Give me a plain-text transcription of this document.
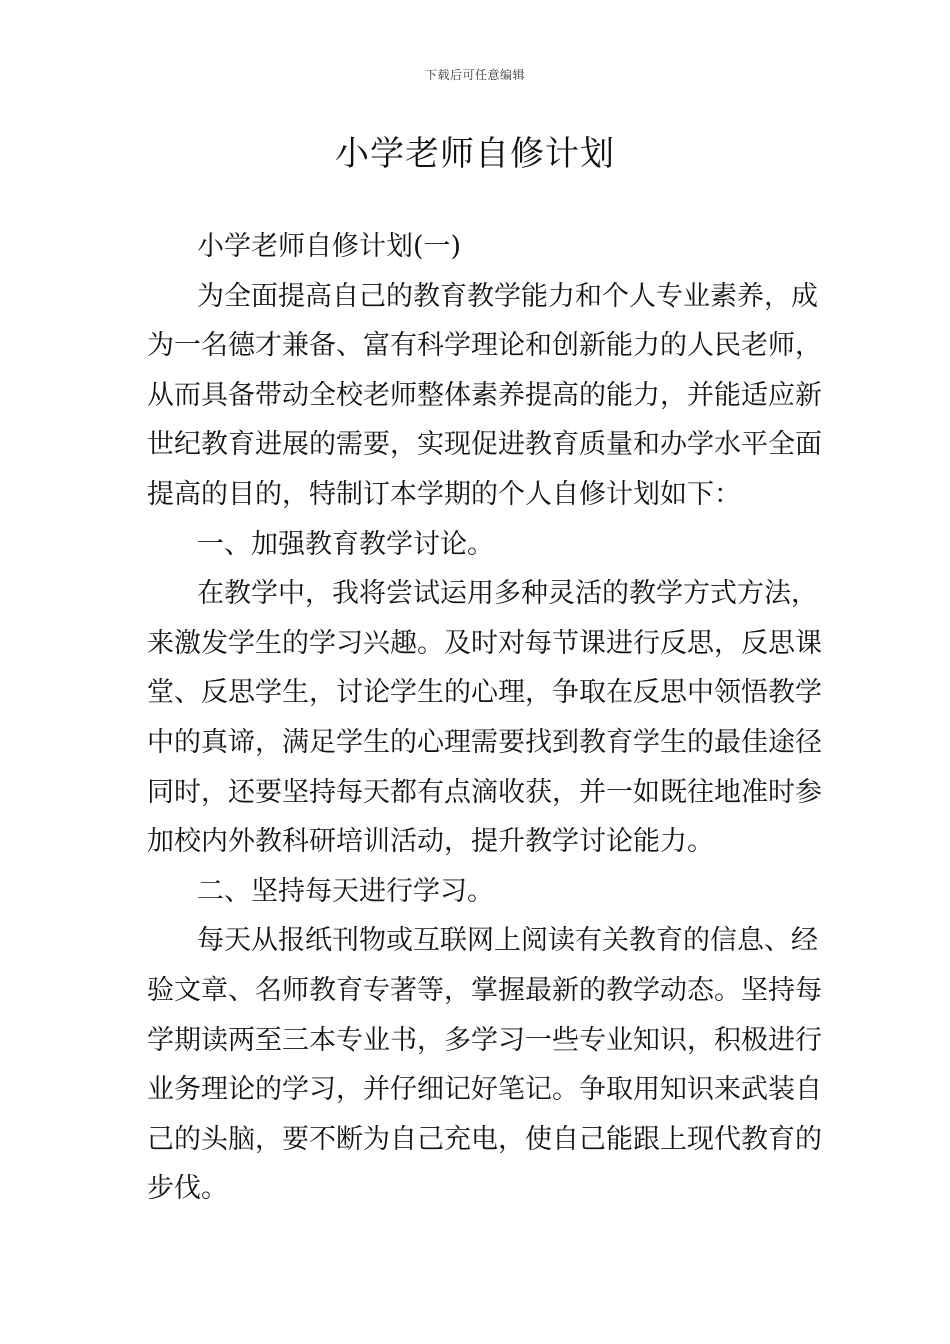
下载后可任意编辑
小学老师自修计划
小学老师自修计划(一)
为全面提高自己的教育教学能力和个人专业素养，成
为一名德才兼备、富有科学理论和创新能力的人民老师，
从而具备带动全校老师整体素养提高的能力，并能适应新
世纪教育进展的需要，实现促进教育质量和办学水平全面
提高的目的，特制订本学期的个人自修计划如下：
一、加强教育教学讨论。
在教学中，我将尝试运用多种灵活的教学方式方法，
来激发学生的学习兴趣。及时对每节课进行反思，反思课
堂、反思学生，讨论学生的心理，争取在反思中领悟教学
中的真谛，满足学生的心理需要找到教育学生的最佳途径
同时，还要坚持每天都有点滴收获，并一如既往地准时参
加校内外教科研培训活动，提升教学讨论能力。
二、坚持每天进行学习。
每天从报纸刊物或互联网上阅读有关教育的信息、经
验文章、名师教育专著等，掌握最新的教学动态。坚持每
学期读两至三本专业书，多学习一些专业知识，积极进行
业务理论的学习，并仔细记好笔记。争取用知识来武装自
己的头脑，要不断为自己充电，使自己能跟上现代教育的
步伐。
